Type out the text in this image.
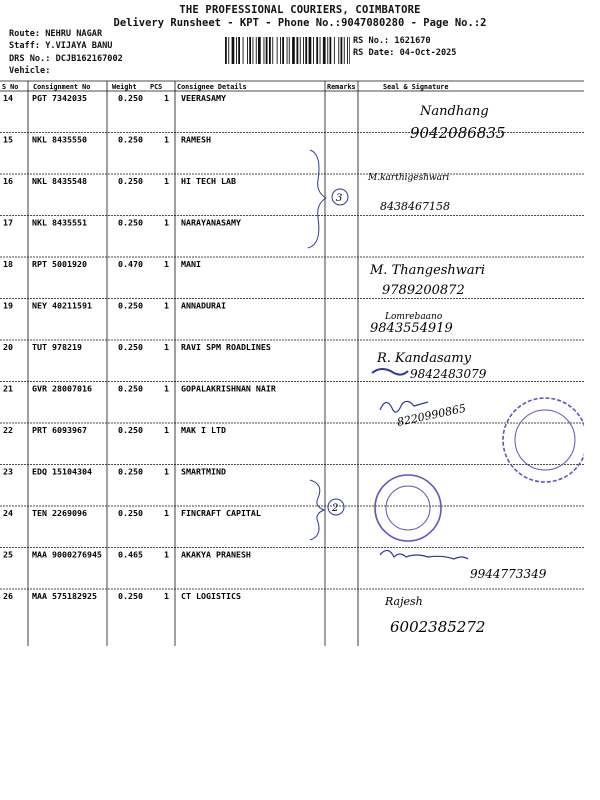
THE PROFESSIONAL COURIERS, COIMBATORE
Delivery Runsheet - KPT - Phone No.:9047080280 - Page No.:2
Route: NEHRU NAGAR
Staff: Y.VIJAYA BANU
DRS No.: DCJB162167002
Vehicle:
RS No.: 1621670
RS Date: 04-Oct-2025
S No Consignment No	Weight PCS Consignee Details	Remarks	Seal & Signature
14 PGT 7342035	0.250	1 VEERASAMY
15 NKL 8435550	0.250	1 RAMESH
16 NKL 8435548	0.250	1 HI TECH LAB
17 NKL 8435551	0.250	1 NARAYANASAMY
18 RPT 5001920	0.470	1 MANI
19 NEY 40211591	0.250	1 ANNADURAI
20 TUT 978219	0.250	1 RAVI SPM ROADLINES
21 GVR 28007016	0.250	1 GOPALAKRISHNAN NAIR
22 PRT 6093967	0.250	1 MAK I LTD
23 EDQ 15104304	0.250	1 SMARTMIND
24 TEN 2269096	0.250	1 FINCRAFT CAPITAL
25 MAA 9000276945 0.465	1 AKAKYA PRANESH
26 MAA 575182925	0.250	1 CT LOGISTICS
Nandhang
9042086835
M.karthigeshwari
8438467158
3
M. Thangeshwari
9789200872
Lomrebaano
9843554919
R. Kandasamy
9842483079
8220990865
2
9944773349
Rajesh
6002385272
